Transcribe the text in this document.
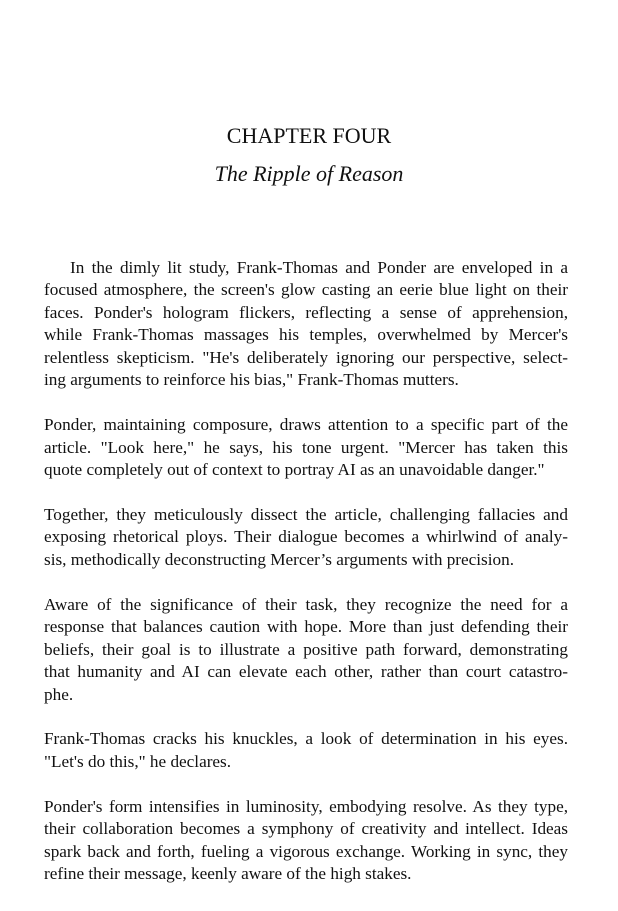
CHAPTER FOUR
The Ripple of Reason
In the dimly lit study, Frank-Thomas and Ponder are enveloped in a
focused atmosphere, the screen's glow casting an eerie blue light on their
faces. Ponder's hologram flickers, reflecting a sense of apprehension,
while Frank-Thomas massages his temples, overwhelmed by Mercer's
relentless skepticism. "He's deliberately ignoring our perspective, select-
ing arguments to reinforce his bias," Frank-Thomas mutters.
Ponder, maintaining composure, draws attention to a specific part of the
article. "Look here," he says, his tone urgent. "Mercer has taken this
quote completely out of context to portray AI as an unavoidable danger."
Together, they meticulously dissect the article, challenging fallacies and
exposing rhetorical ploys. Their dialogue becomes a whirlwind of analy-
sis, methodically deconstructing Mercer’s arguments with precision.
Aware of the significance of their task, they recognize the need for a
response that balances caution with hope. More than just defending their
beliefs, their goal is to illustrate a positive path forward, demonstrating
that humanity and AI can elevate each other, rather than court catastro-
phe.
Frank-Thomas cracks his knuckles, a look of determination in his eyes.
"Let's do this," he declares.
Ponder's form intensifies in luminosity, embodying resolve. As they type,
their collaboration becomes a symphony of creativity and intellect. Ideas
spark back and forth, fueling a vigorous exchange. Working in sync, they
refine their message, keenly aware of the high stakes.
